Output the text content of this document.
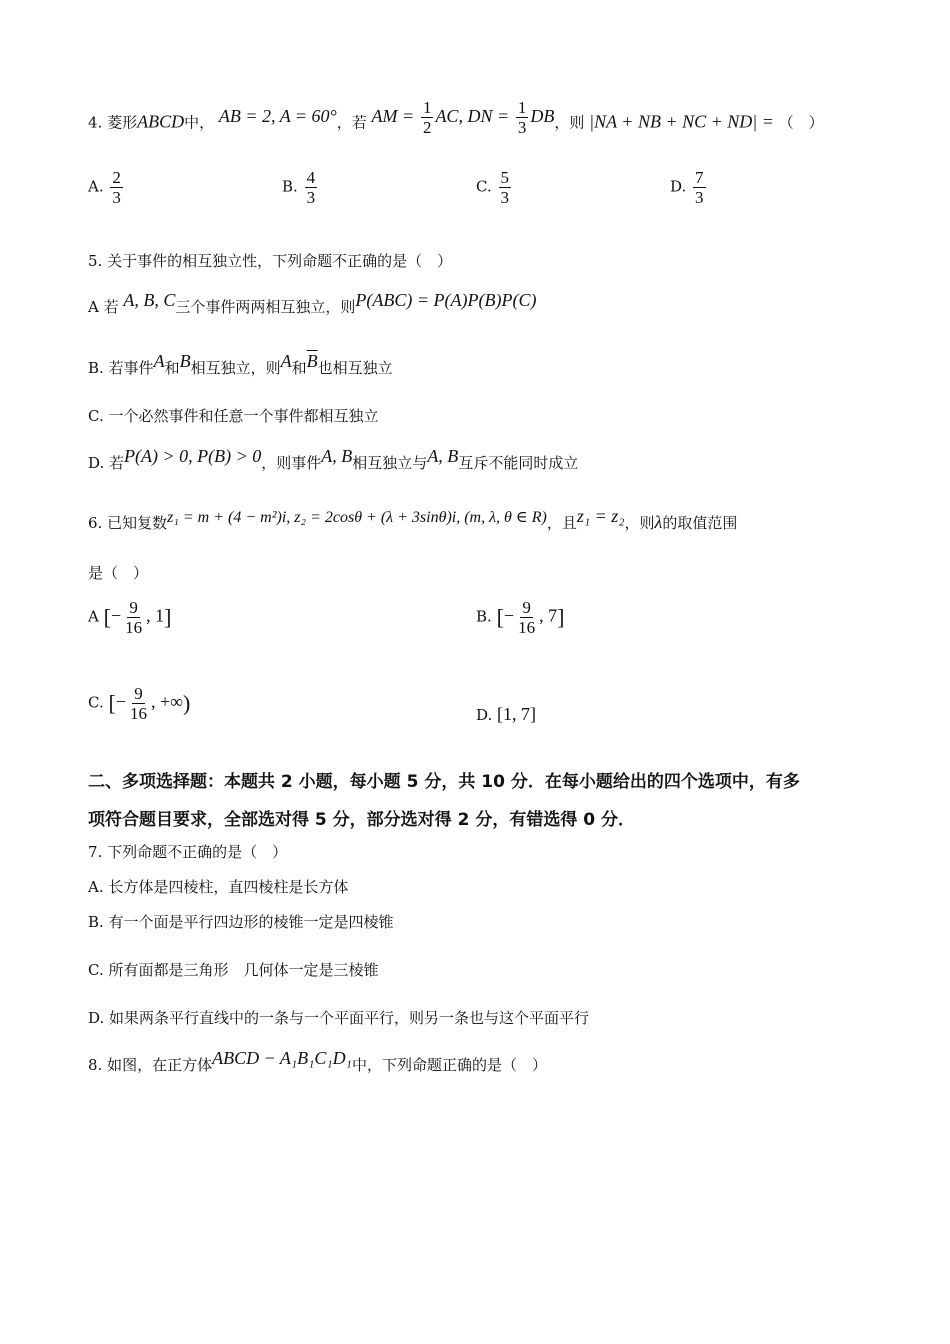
4. 菱形ABCD中， AB = 2, A = 60°，若 AM = $\frac{1}{2}$ AC, DN = $\frac{1}{3}$ DB，则 |NA + NB + NC + ND| = （　）
A. $\frac{2}{3}$	B. $\frac{4}{3}$	C. $\frac{5}{3}$	D. $\frac{7}{3}$
5. 关于事件的相互独立性，下列命题不正确的是（　）
A 若 A, B, C三个事件两两相互独立，则P(ABC) = P(A)P(B)P(C)
B. 若事件A和B相互独立，则A和$\overline{B}$也相互独立
C. 一个必然事件和任意一个事件都相互独立
D. 若P(A) > 0, P(B) > 0，则事件A, B相互独立与A, B互斥不能同时成立
6. 已知复数z₁ = m + (4 − m²)i, z₂ = 2cosθ + (λ + 3sinθ)i, (m, λ, θ ∈ R)，且z₁ = z₂，则λ的取值范围
是（　）
A [− $\frac{9}{16}$ , 1]	B. [− $\frac{9}{16}$ , 7]
C. [− $\frac{9}{16}$ , +∞)	D. [1, 7]
二、多项选择题：本题共 2 小题，每小题 5 分，共 10 分．在每小题给出的四个选项中，有多
项符合题目要求，全部选对得 5 分，部分选对得 2 分，有错选得 0 分．
7. 下列命题不正确的是（　）
A. 长方体是四棱柱，直四棱柱是长方体
B. 有一个面是平行四边形的棱锥一定是四棱锥
C. 所有面都是三角形　几何体一定是三棱锥
D. 如果两条平行直线中的一条与一个平面平行，则另一条也与这个平面平行
8. 如图，在正方体ABCD − A₁B₁C₁D₁中，下列命题正确的是（　）
